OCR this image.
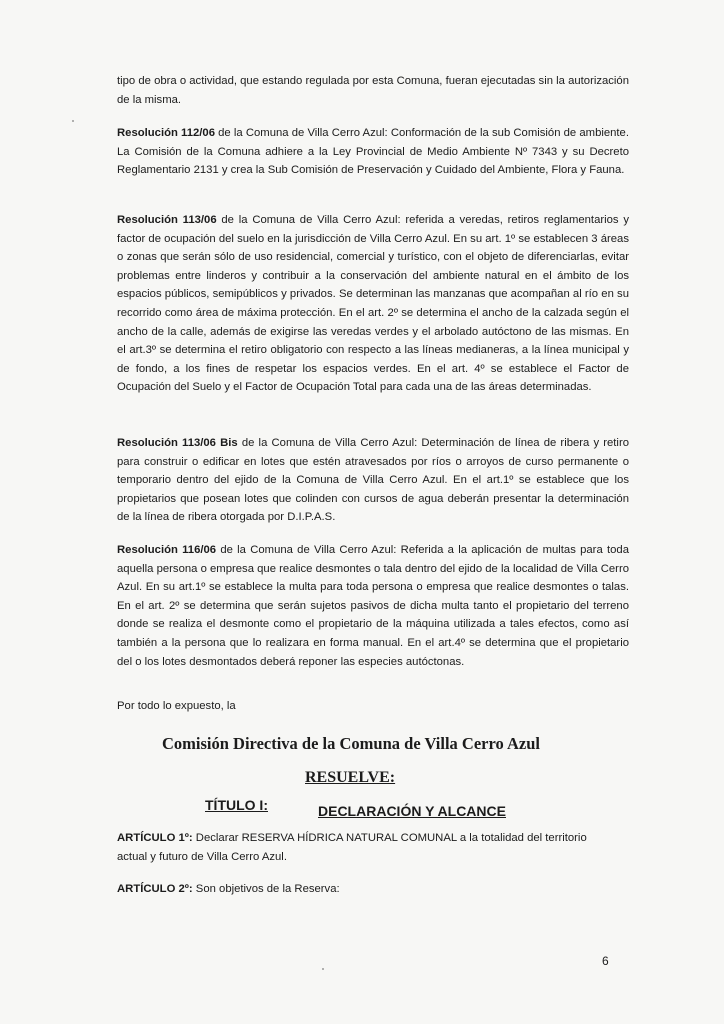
tipo de obra o actividad, que estando regulada por esta Comuna, fueran ejecutadas sin la autorización de la misma.
Resolución 112/06 de la Comuna de Villa Cerro Azul: Conformación de la sub Comisión de ambiente. La Comisión de la Comuna adhiere a la Ley Provincial de Medio Ambiente Nº 7343 y su Decreto Reglamentario 2131 y crea la Sub Comisión de Preservación y Cuidado del Ambiente, Flora y Fauna.
Resolución 113/06 de la Comuna de Villa Cerro Azul: referida a veredas, retiros reglamentarios y factor de ocupación del suelo en la jurisdicción de Villa Cerro Azul. En su art. 1º se establecen 3 áreas o zonas que serán sólo de uso residencial, comercial y turístico, con el objeto de diferenciarlas, evitar problemas entre linderos y contribuir a la conservación del ambiente natural en el ámbito de los espacios públicos, semipúblicos y privados. Se determinan las manzanas que acompañan al río en su recorrido como área de máxima protección. En el art. 2º se determina el ancho de la calzada según el ancho de la calle, además de exigirse las veredas verdes y el arbolado autóctono de las mismas. En el art.3º se determina el retiro obligatorio con respecto a las líneas medianeras, a la línea municipal y de fondo, a los fines de respetar los espacios verdes. En el art. 4º se establece el Factor de Ocupación del Suelo y el Factor de Ocupación Total para cada una de las áreas determinadas.
Resolución 113/06 Bis de la Comuna de Villa Cerro Azul: Determinación de línea de ribera y retiro para construir o edificar en lotes que estén atravesados por ríos o arroyos de curso permanente o temporario dentro del ejido de la Comuna de Villa Cerro Azul. En el art.1º se establece que los propietarios que posean lotes que colinden con cursos de agua deberán presentar la determinación de la línea de ribera otorgada por D.I.P.A.S.
Resolución 116/06 de la Comuna de Villa Cerro Azul: Referida a la aplicación de multas para toda aquella persona o empresa que realice desmontes o tala dentro del ejido de la localidad de Villa Cerro Azul. En su art.1º se establece la multa para toda persona o empresa que realice desmontes o talas. En el art. 2º se determina que serán sujetos pasivos de dicha multa tanto el propietario del terreno donde se realiza el desmonte como el propietario de la máquina utilizada a tales efectos, como así también a la persona que lo realizara en forma manual. En el art.4º se determina que el propietario del o los lotes desmontados deberá reponer las especies autóctonas.
Por todo lo expuesto, la
Comisión Directiva de la Comuna de Villa Cerro Azul
RESUELVE:
TÍTULO I:	DECLARACIÓN Y ALCANCE
ARTÍCULO 1º: Declarar RESERVA HÍDRICA NATURAL COMUNAL a la totalidad del territorio actual y futuro de Villa Cerro Azul.
ARTÍCULO 2º: Son objetivos de la Reserva:
6
